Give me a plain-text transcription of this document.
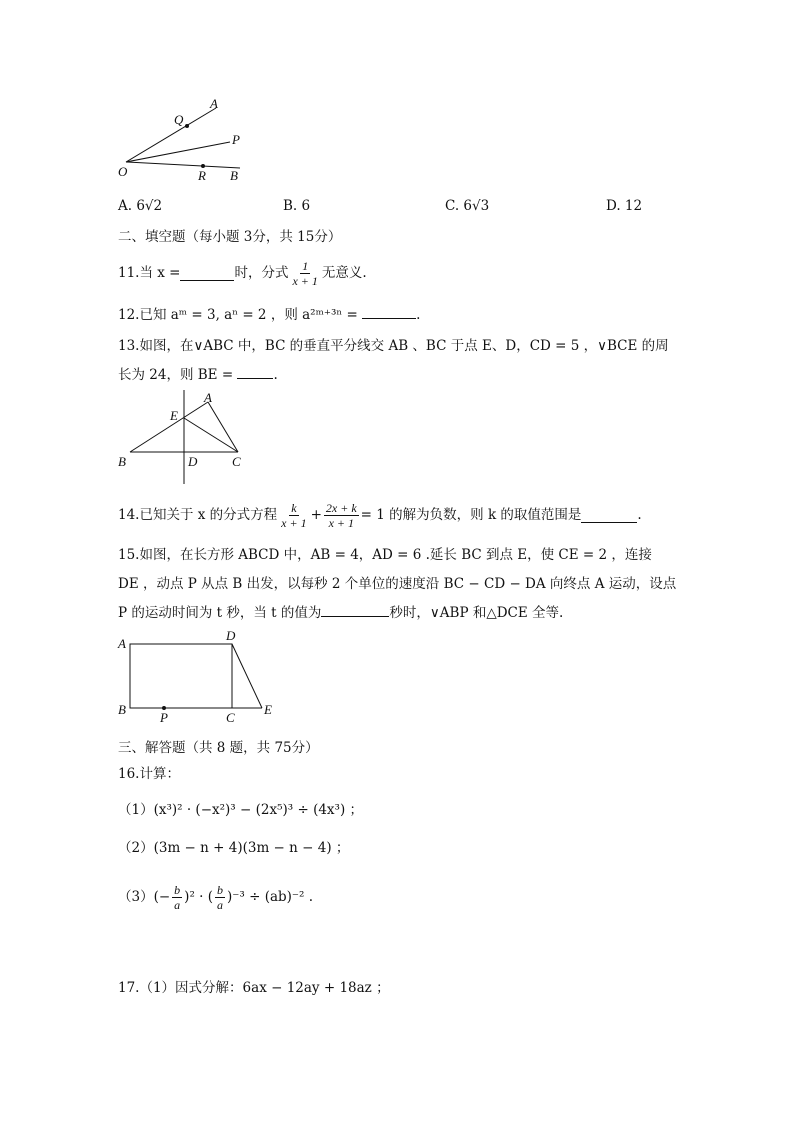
Q
A
P
O	R B
A. 6√2	B. 6	C. 6√3	D. 12
二、填空题（每小题 3分，共 15分）
11.当 x =	时，分式 $\frac{1}{x + 1}$ 无意义.
12.已知 aᵐ = 3, aⁿ = 2 ，则 a²ᵐ⁺³ⁿ =	.
13.如图，在∨ABC 中，BC 的垂直平分线交 AB 、BC 于点 E、D，CD = 5 ，∨BCE 的周
长为 24，则 BE =	.
A
E
B	D	C
14.已知关于 x 的分式方程 $\frac{k}{x + 1} + \frac{2x + k}{x + 1} = 1$ 的解为负数，则 k 的取值范围是	.
15.如图，在长方形 ABCD 中，AB = 4，AD = 6 .延长 BC 到点 E，使 CE = 2 ，连接
DE ，动点 P 从点 B 出发，以每秒 2 个单位的速度沿 BC − CD − DA 向终点 A 运动，设点
P 的运动时间为 t 秒，当 t 的值为	秒时，∨ABP 和△DCE 全等.
A
D
B
P	C
E
三、解答题（共 8 题，共 75分）
16.计算：
（1）(x³)² · (−x²)³ − (2x⁵)³ ÷ (4x³) ；
（2）(3m − n + 4)(3m − n − 4) ；
$(3)(- \frac{b}{a} )^2$ · ( $\frac{b}{a} )^{-3} \div (ab)^{-2}$ .
17.（1）因式分解：6ax − 12ay + 18az ；
